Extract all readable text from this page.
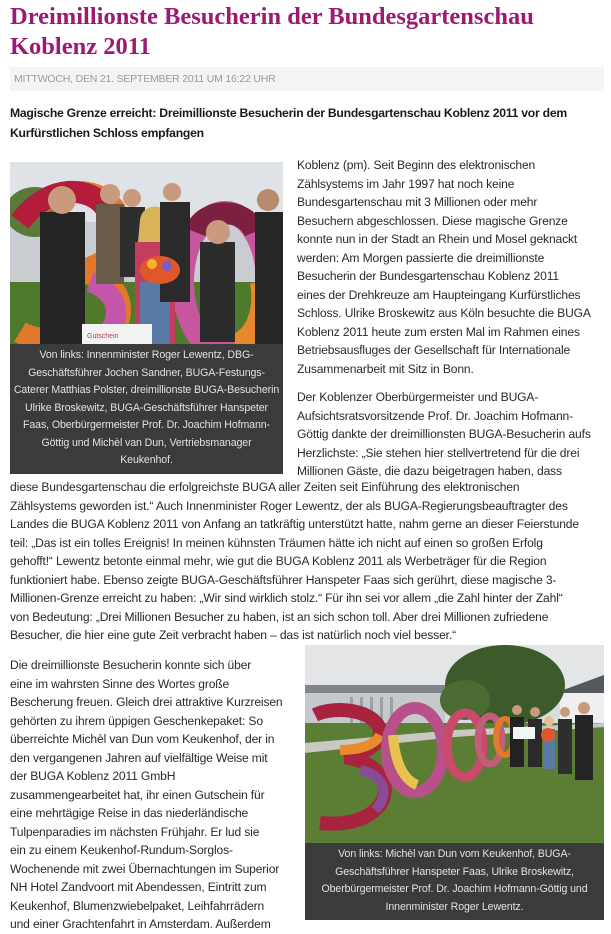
Dreimillionste Besucherin der Bundesgartenschau Koblenz 2011
MITTWOCH, DEN 21. SEPTEMBER 2011 UM 16:22 UHR

Magische Grenze erreicht: Dreimillionste Besucherin der Bundesgartenschau Koblenz 2011 vor dem Kurfürstlichen Schloss empfangen

Gutschein
Von links: Innenminister Roger Lewentz, DBG-
Geschäftsführer Jochen Sandner, BUGA-Festungs-
Caterer Matthias Polster, dreimillionste BUGA-Besucherin
Ulrike Broskewitz, BUGA-Geschäftsführer Hanspeter
Faas, Oberbürgermeister Prof. Dr. Joachim Hofmann-
Göttig und Michèl van Dun, Vertriebsmanager
Keukenhof.

Koblenz (pm). Seit Beginn des elektronischen
Zählsystems im Jahr 1997 hat noch keine
Bundesgartenschau mit 3 Millionen oder mehr
Besuchern abgeschlossen. Diese magische Grenze
konnte nun in der Stadt an Rhein und Mosel geknackt
werden: Am Morgen passierte die dreimillionste
Besucherin der Bundesgartenschau Koblenz 2011
eines der Drehkreuze am Haupteingang Kurfürstliches
Schloss. Ulrike Broskewitz aus Köln besuchte die BUGA
Koblenz 2011 heute zum ersten Mal im Rahmen eines
Betriebsausfluges der Gesellschaft für Internationale
Zusammenarbeit mit Sitz in Bonn.

Der Koblenzer Oberbürgermeister und BUGA-
Aufsichtsratsvorsitzende Prof. Dr. Joachim Hofmann-
Göttig dankte der dreimillionsten BUGA-Besucherin aufs
Herzlichste: „Sie stehen hier stellvertretend für die drei
Millionen Gäste, die dazu beigetragen haben, dass

diese Bundesgartenschau die erfolgreichste BUGA aller Zeiten seit Einführung des elektronischen
Zählsystems geworden ist.“ Auch Innenminister Roger Lewentz, der als BUGA-Regierungsbeauftragter des
Landes die BUGA Koblenz 2011 von Anfang an tatkräftig unterstützt hatte, nahm gerne an dieser Feierstunde
teil: „Das ist ein tolles Ereignis! In meinen kühnsten Träumen hätte ich nicht auf einen so großen Erfolg
gehofft!“ Lewentz betonte einmal mehr, wie gut die BUGA Koblenz 2011 als Werbeträger für die Region
funktioniert habe. Ebenso zeigte BUGA-Geschäftsführer Hanspeter Faas sich gerührt, diese magische 3-
Millionen-Grenze erreicht zu haben: „Wir sind wirklich stolz.“ Für ihn sei vor allem „die Zahl hinter der Zahl“
von Bedeutung: „Drei Millionen Besucher zu haben, ist an sich schon toll. Aber drei Millionen zufriedene
Besucher, die hier eine gute Zeit verbracht haben – das ist natürlich noch viel besser.“

Die dreimillionste Besucherin konnte sich über
eine im wahrsten Sinne des Wortes große
Bescherung freuen. Gleich drei attraktive Kurzreisen
gehörten zu ihrem üppigen Geschenkepaket: So
überreichte Michèl van Dun vom Keukenhof, der in
den vergangenen Jahren auf vielfältige Weise mit
der BUGA Koblenz 2011 GmbH
zusammengearbeitet hat, ihr einen Gutschein für
eine mehrtägige Reise in das niederländische
Tulpenparadies im nächsten Frühjahr. Er lud sie
ein zu einem Keukenhof-Rundum-Sorglos-
Wochenende mit zwei Übernachtungen im Superior
NH Hotel Zandvoort mit Abendessen, Eintritt zum
Keukenhof, Blumenzwiebelpaket, Leihfahrrädern
und einer Grachtenfahrt in Amsterdam. Außerdem

Von links: Michèl van Dun vom Keukenhof, BUGA-
Geschäftsführer Hanspeter Faas, Ulrike Broskewitz,
Oberbürgermeister Prof. Dr. Joachim Hofmann-Göttig und
Innenminister Roger Lewentz.
